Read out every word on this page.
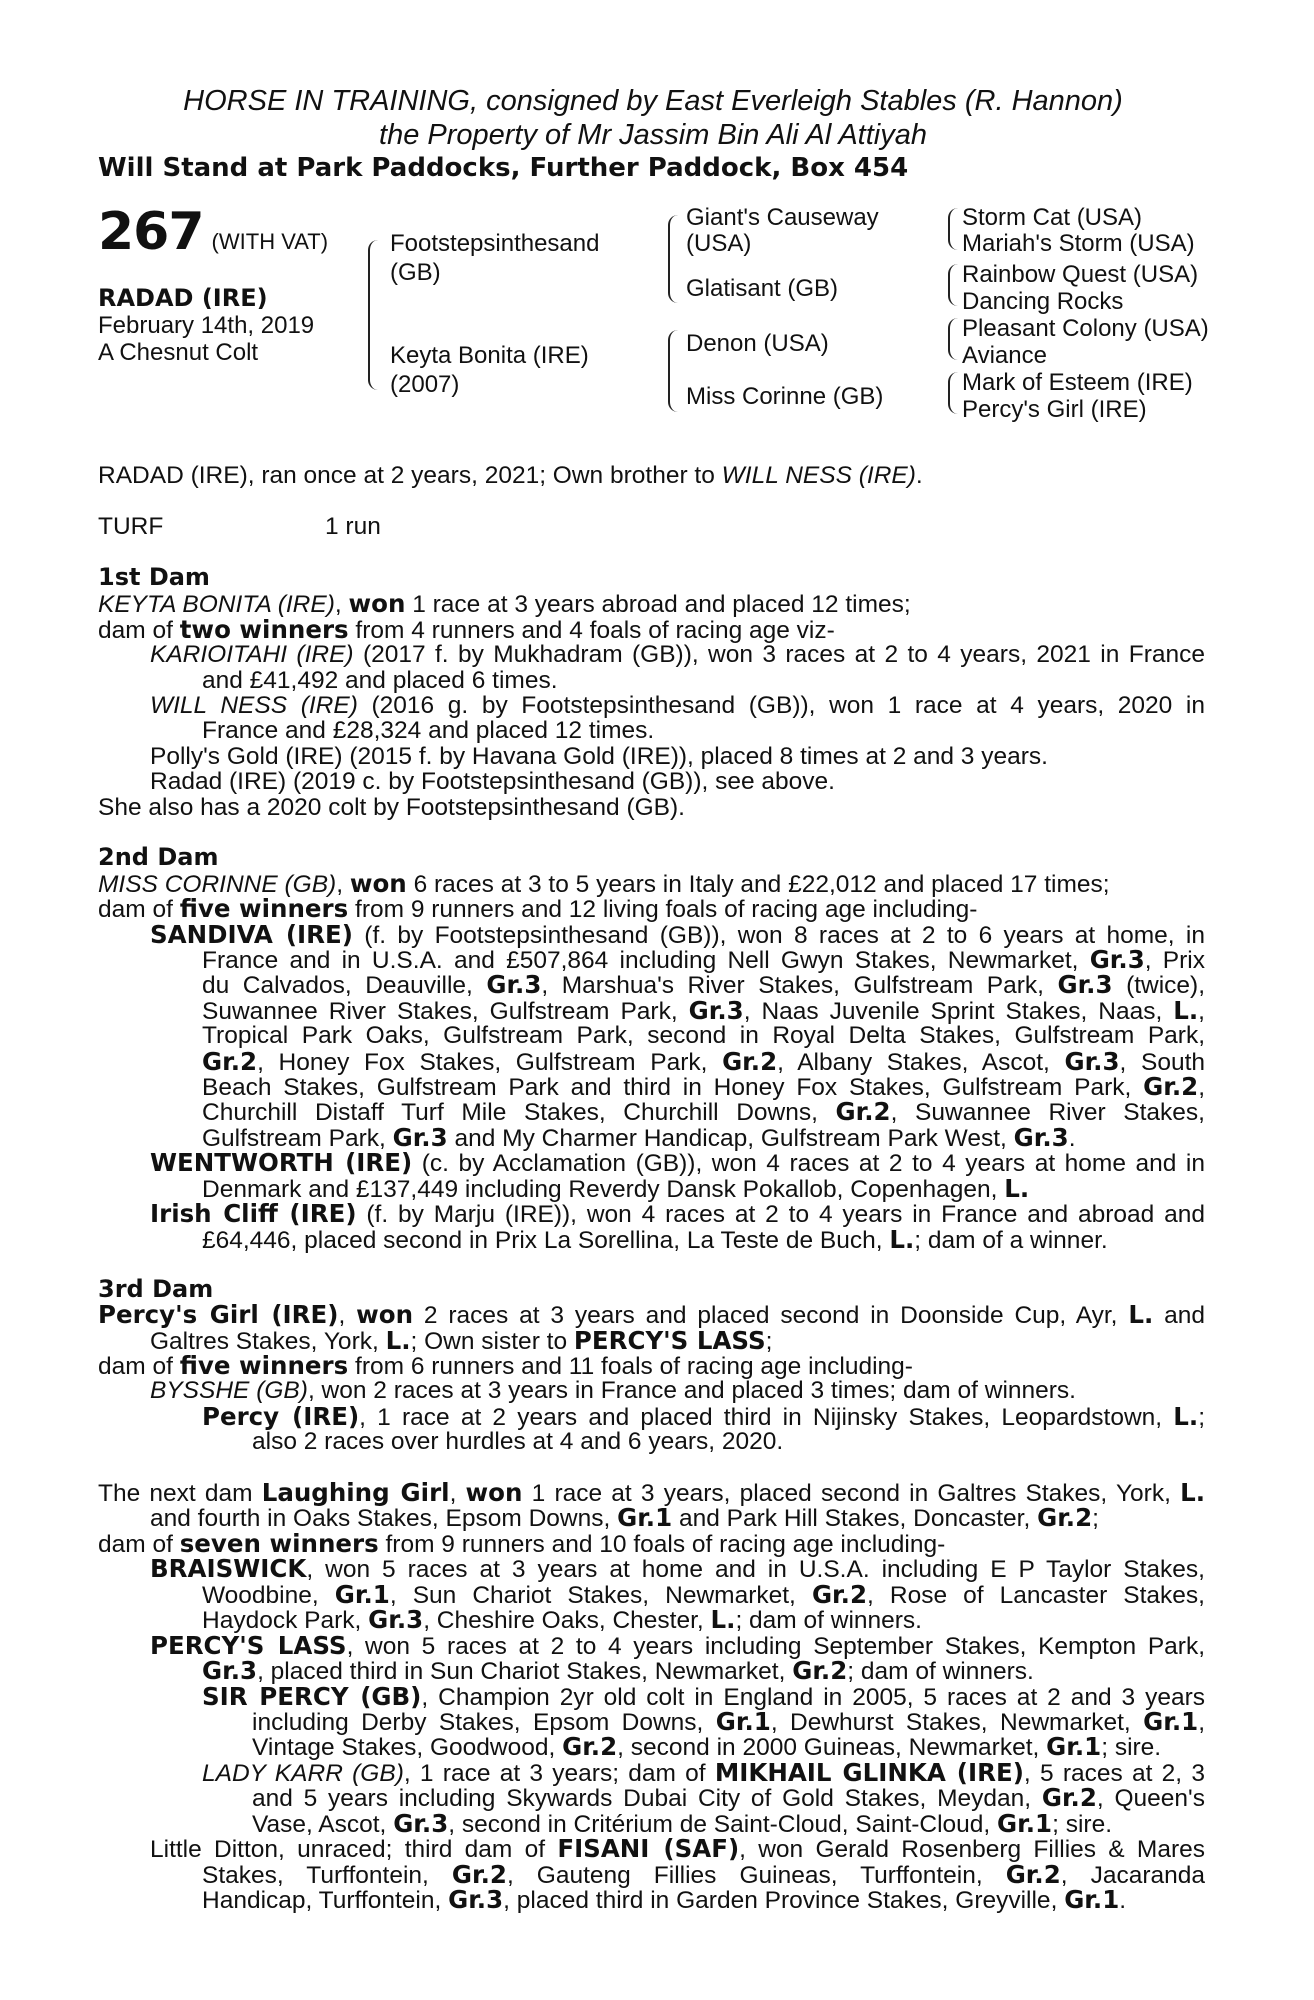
HORSE IN TRAINING, consigned by East Everleigh Stables (R. Hannon)
the Property of Mr Jassim Bin Ali Al Attiyah
Will Stand at Park Paddocks, Further Paddock, Box 454
267 (WITH VAT)
RADAD (IRE)
February 14th, 2019
A Chesnut Colt
Footstepsinthesand
(GB)
Keyta Bonita (IRE)
(2007)
Giant's Causeway
(USA)
Glatisant (GB)
Denon (USA)
Miss Corinne (GB)
Storm Cat (USA)
Mariah's Storm (USA)
Rainbow Quest (USA)
Dancing Rocks
Pleasant Colony (USA)
Aviance
Mark of Esteem (IRE)
Percy's Girl (IRE)
RADAD (IRE), ran once at 2 years, 2021; Own brother to WILL NESS (IRE).
TURF	1 run
1st Dam
KEYTA BONITA (IRE), won 1 race at 3 years abroad and placed 12 times;
dam of two winners from 4 runners and 4 foals of racing age viz-
KARIOITAHI (IRE) (2017 f. by Mukhadram (GB)), won 3 races at 2 to 4 years, 2021 in France
and £41,492 and placed 6 times.
WILL NESS (IRE) (2016 g. by Footstepsinthesand (GB)), won 1 race at 4 years, 2020 in
France and £28,324 and placed 12 times.
Polly's Gold (IRE) (2015 f. by Havana Gold (IRE)), placed 8 times at 2 and 3 years.
Radad (IRE) (2019 c. by Footstepsinthesand (GB)), see above.
She also has a 2020 colt by Footstepsinthesand (GB).
2nd Dam
MISS CORINNE (GB), won 6 races at 3 to 5 years in Italy and £22,012 and placed 17 times;
dam of five winners from 9 runners and 12 living foals of racing age including-
SANDIVA (IRE) (f. by Footstepsinthesand (GB)), won 8 races at 2 to 6 years at home, in
France and in U.S.A. and £507,864 including Nell Gwyn Stakes, Newmarket, Gr.3, Prix
du Calvados, Deauville, Gr.3, Marshua's River Stakes, Gulfstream Park, Gr.3 (twice),
Suwannee River Stakes, Gulfstream Park, Gr.3, Naas Juvenile Sprint Stakes, Naas, L.,
Tropical Park Oaks, Gulfstream Park, second in Royal Delta Stakes, Gulfstream Park,
Gr.2, Honey Fox Stakes, Gulfstream Park, Gr.2, Albany Stakes, Ascot, Gr.3, South
Beach Stakes, Gulfstream Park and third in Honey Fox Stakes, Gulfstream Park, Gr.2,
Churchill Distaff Turf Mile Stakes, Churchill Downs, Gr.2, Suwannee River Stakes,
Gulfstream Park, Gr.3 and My Charmer Handicap, Gulfstream Park West, Gr.3.
WENTWORTH (IRE) (c. by Acclamation (GB)), won 4 races at 2 to 4 years at home and in
Denmark and £137,449 including Reverdy Dansk Pokallob, Copenhagen, L.
Irish Cliff (IRE) (f. by Marju (IRE)), won 4 races at 2 to 4 years in France and abroad and
£64,446, placed second in Prix La Sorellina, La Teste de Buch, L.; dam of a winner.
3rd Dam
Percy's Girl (IRE), won 2 races at 3 years and placed second in Doonside Cup, Ayr, L. and
Galtres Stakes, York, L.; Own sister to PERCY'S LASS;
dam of five winners from 6 runners and 11 foals of racing age including-
BYSSHE (GB), won 2 races at 3 years in France and placed 3 times; dam of winners.
Percy (IRE), 1 race at 2 years and placed third in Nijinsky Stakes, Leopardstown, L.;
also 2 races over hurdles at 4 and 6 years, 2020.
The next dam Laughing Girl, won 1 race at 3 years, placed second in Galtres Stakes, York, L.
and fourth in Oaks Stakes, Epsom Downs, Gr.1 and Park Hill Stakes, Doncaster, Gr.2;
dam of seven winners from 9 runners and 10 foals of racing age including-
BRAISWICK, won 5 races at 3 years at home and in U.S.A. including E P Taylor Stakes,
Woodbine, Gr.1, Sun Chariot Stakes, Newmarket, Gr.2, Rose of Lancaster Stakes,
Haydock Park, Gr.3, Cheshire Oaks, Chester, L.; dam of winners.
PERCY'S LASS, won 5 races at 2 to 4 years including September Stakes, Kempton Park,
Gr.3, placed third in Sun Chariot Stakes, Newmarket, Gr.2; dam of winners.
SIR PERCY (GB), Champion 2yr old colt in England in 2005, 5 races at 2 and 3 years
including Derby Stakes, Epsom Downs, Gr.1, Dewhurst Stakes, Newmarket, Gr.1,
Vintage Stakes, Goodwood, Gr.2, second in 2000 Guineas, Newmarket, Gr.1; sire.
LADY KARR (GB), 1 race at 3 years; dam of MIKHAIL GLINKA (IRE), 5 races at 2, 3
and 5 years including Skywards Dubai City of Gold Stakes, Meydan, Gr.2, Queen's
Vase, Ascot, Gr.3, second in Critérium de Saint-Cloud, Saint-Cloud, Gr.1; sire.
Little Ditton, unraced; third dam of FISANI (SAF), won Gerald Rosenberg Fillies & Mares
Stakes, Turffontein, Gr.2, Gauteng Fillies Guineas, Turffontein, Gr.2, Jacaranda
Handicap, Turffontein, Gr.3, placed third in Garden Province Stakes, Greyville, Gr.1.
